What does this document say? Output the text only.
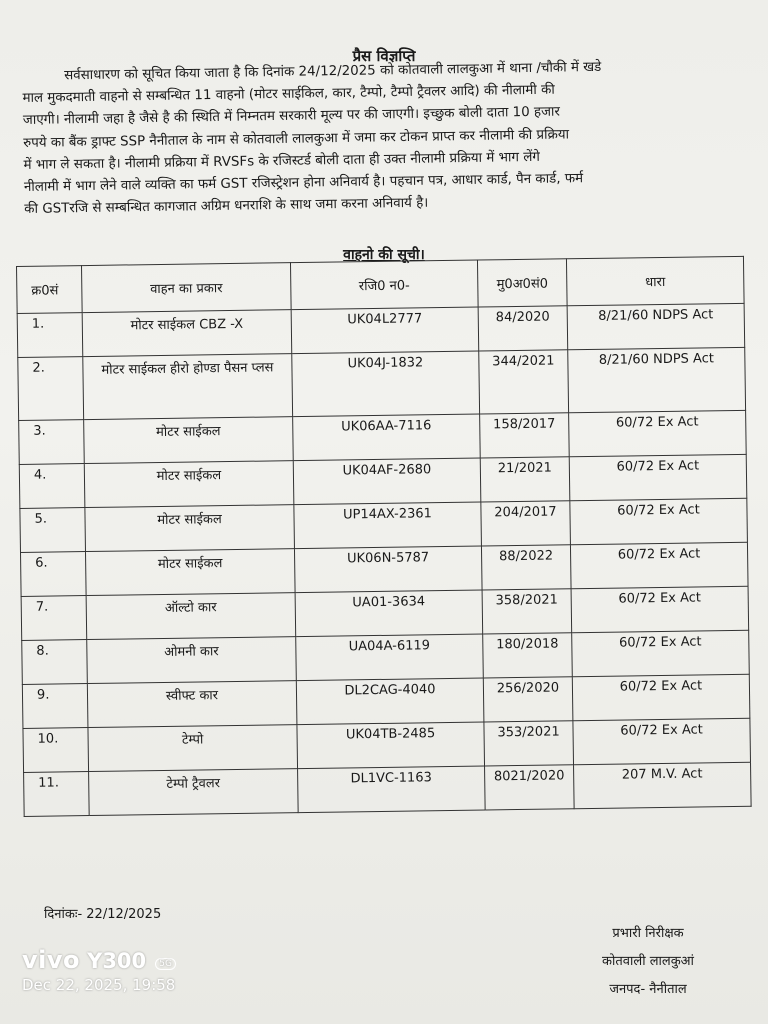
प्रैस विज्ञप्ति
सर्वसाधारण को सूचित किया जाता है कि दिनांक 24/12/2025 को कोतवाली लालकुआ में थाना /चौकी में खडे
माल मुकदमाती वाहनो से सम्बन्धित 11 वाहनो (मोटर साईकिल, कार, टैम्पो, टैम्पो ट्रैवलर आदि) की नीलामी की
जाएगी। नीलामी जहा है जैसे है की स्थिति में निम्नतम सरकारी मूल्य पर की जाएगी। इच्छुक बोली दाता 10 हजार
रुपये का बैंक ड्राफ्ट SSP नैनीताल के नाम से कोतवाली लालकुआ में जमा कर टोकन प्राप्त कर नीलामी की प्रक्रिया
में भाग ले सकता है। नीलामी प्रक्रिया में RVSFs के रजिस्टर्ड बोली दाता ही उक्त नीलामी प्रक्रिया में भाग लेंगे
नीलामी में भाग लेने वाले व्यक्ति का फर्म GST रजिस्ट्रेशन होना अनिवार्य है। पहचान पत्र, आधार कार्ड, पैन कार्ड, फर्म
की GSTरजि से सम्बन्धित कागजात अग्रिम धनराशि के साथ जमा करना अनिवार्य है।
वाहनो की सूची।
क्र0सं	वाहन का प्रकार	रजि0 न0-	मु0अ0सं0	धारा
1.	मोटर साईकल CBZ -X	UK04L2777	84/2020	8/21/60 NDPS Act
2.	मोटर साईकल हीरो होण्डा पैसन प्लस	UK04J-1832	344/2021	8/21/60 NDPS Act
3.	मोटर साईकल	UK06AA-7116	158/2017	60/72 Ex Act
4.	मोटर साईकल	UK04AF-2680	21/2021	60/72 Ex Act
5.	मोटर साईकल	UP14AX-2361	204/2017	60/72 Ex Act
6.	मोटर साईकल	UK06N-5787	88/2022	60/72 Ex Act
7.	ऑल्टो कार	UA01-3634	358/2021	60/72 Ex Act
8.	ओमनी कार	UA04A-6119	180/2018	60/72 Ex Act
9.	स्वीफ्ट कार	DL2CAG-4040	256/2020	60/72 Ex Act
10.	टेम्पो	UK04TB-2485	353/2021	60/72 Ex Act
11.	टेम्पो ट्रैवलर	DL1VC-1163	8021/2020	207 M.V. Act
दिनांकः- 22/12/2025
प्रभारी निरीक्षक
कोतवाली लालकुआं
जनपद- नैनीताल
vivo Y300 5G
Dec 22, 2025, 19:58
